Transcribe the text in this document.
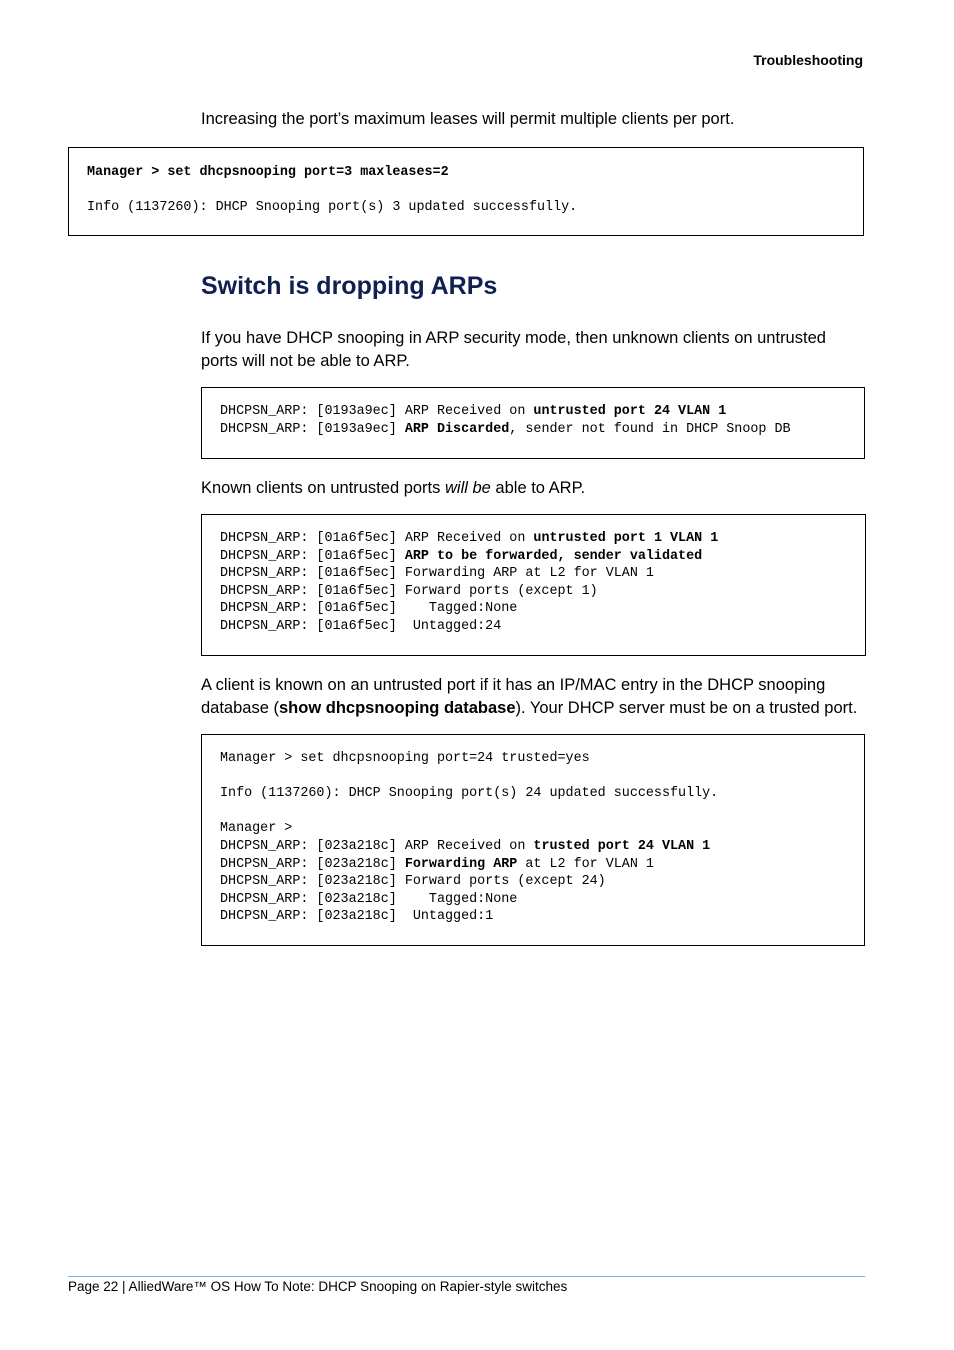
Troubleshooting

Increasing the port’s maximum leases will permit multiple clients per port.

Manager > set dhcpsnooping port=3 maxleases=2

Info (1137260): DHCP Snooping port(s) 3 updated successfully.
Switch is dropping ARPs

If you have DHCP snooping in ARP security mode, then unknown clients on untrusted ports will not be able to ARP.

DHCPSN_ARP: [0193a9ec] ARP Received on untrusted port 24 VLAN 1
DHCPSN_ARP: [0193a9ec] ARP Discarded, sender not found in DHCP Snoop DB

Known clients on untrusted ports will be able to ARP.

DHCPSN_ARP: [01a6f5ec] ARP Received on untrusted port 1 VLAN 1
DHCPSN_ARP: [01a6f5ec] ARP to be forwarded, sender validated
DHCPSN_ARP: [01a6f5ec] Forwarding ARP at L2 for VLAN 1
DHCPSN_ARP: [01a6f5ec] Forward ports (except 1)
DHCPSN_ARP: [01a6f5ec]    Tagged:None
DHCPSN_ARP: [01a6f5ec]  Untagged:24

A client is known on an untrusted port if it has an IP/MAC entry in the DHCP snooping database (show dhcpsnooping database). Your DHCP server must be on a trusted port.

Manager > set dhcpsnooping port=24 trusted=yes

Info (1137260): DHCP Snooping port(s) 24 updated successfully.

Manager >
DHCPSN_ARP: [023a218c] ARP Received on trusted port 24 VLAN 1
DHCPSN_ARP: [023a218c] Forwarding ARP at L2 for VLAN 1
DHCPSN_ARP: [023a218c] Forward ports (except 24)
DHCPSN_ARP: [023a218c]    Tagged:None
DHCPSN_ARP: [023a218c]  Untagged:1
Page 22 | AlliedWare™ OS How To Note: DHCP Snooping on Rapier-style switches
